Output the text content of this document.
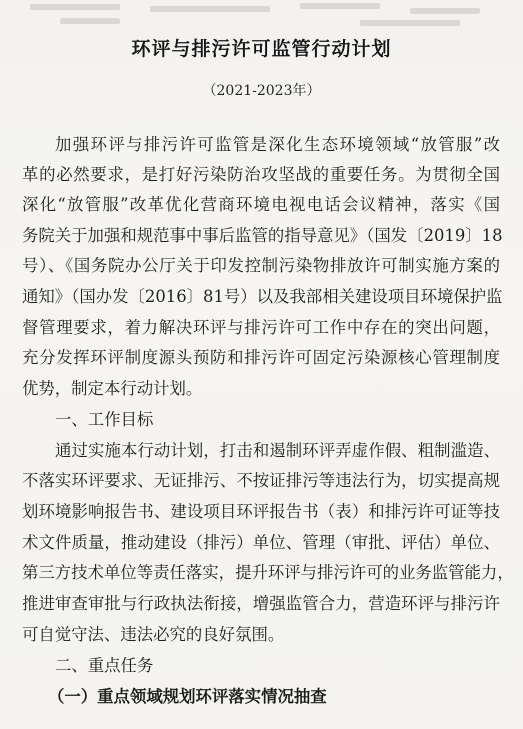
环评与排污许可监管行动计划
（2021-2023年）
加强环评与排污许可监管是深化生态环境领域“放管服”改
革的必然要求，是打好污染防治攻坚战的重要任务。为贯彻全国
深化“放管服”改革优化营商环境电视电话会议精神，落实《国
务院关于加强和规范事中事后监管的指导意见》（国发〔2019〕18
号）、《国务院办公厅关于印发控制污染物排放许可制实施方案的
通知》（国办发〔2016〕81号）以及我部相关建设项目环境保护监
督管理要求，着力解决环评与排污许可工作中存在的突出问题，
充分发挥环评制度源头预防和排污许可固定污染源核心管理制度
优势，制定本行动计划。
一、工作目标
通过实施本行动计划，打击和遏制环评弄虚作假、粗制滥造、
不落实环评要求、无证排污、不按证排污等违法行为，切实提高规
划环境影响报告书、建设项目环评报告书（表）和排污许可证等技
术文件质量，推动建设（排污）单位、管理（审批、评估）单位、
第三方技术单位等责任落实，提升环评与排污许可的业务监管能力，
推进审查审批与行政执法衔接，增强监管合力，营造环评与排污许
可自觉守法、违法必究的良好氛围。
二、重点任务
（一）重点领域规划环评落实情况抽查
